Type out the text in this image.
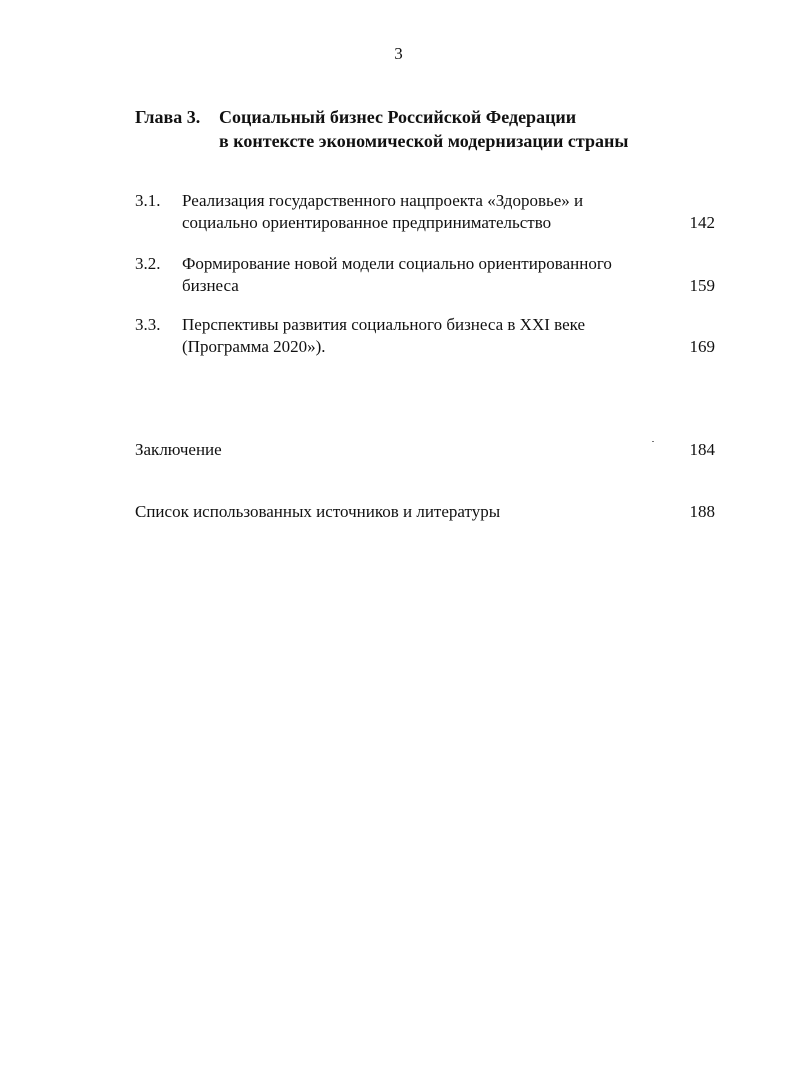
3
Глава 3. Социальный бизнес Российской Федерации
в контексте экономической модернизации страны
3.1. Реализация государственного нацпроекта «Здоровье» и
социально ориентированное предпринимательство	142
3.2. Формирование новой модели социально ориентированного
бизнеса	159
3.3. Перспективы развития социального бизнеса в XXI веке
(Программа 2020»).	169
Заключение	184
Список использованных источников и литературы	188
